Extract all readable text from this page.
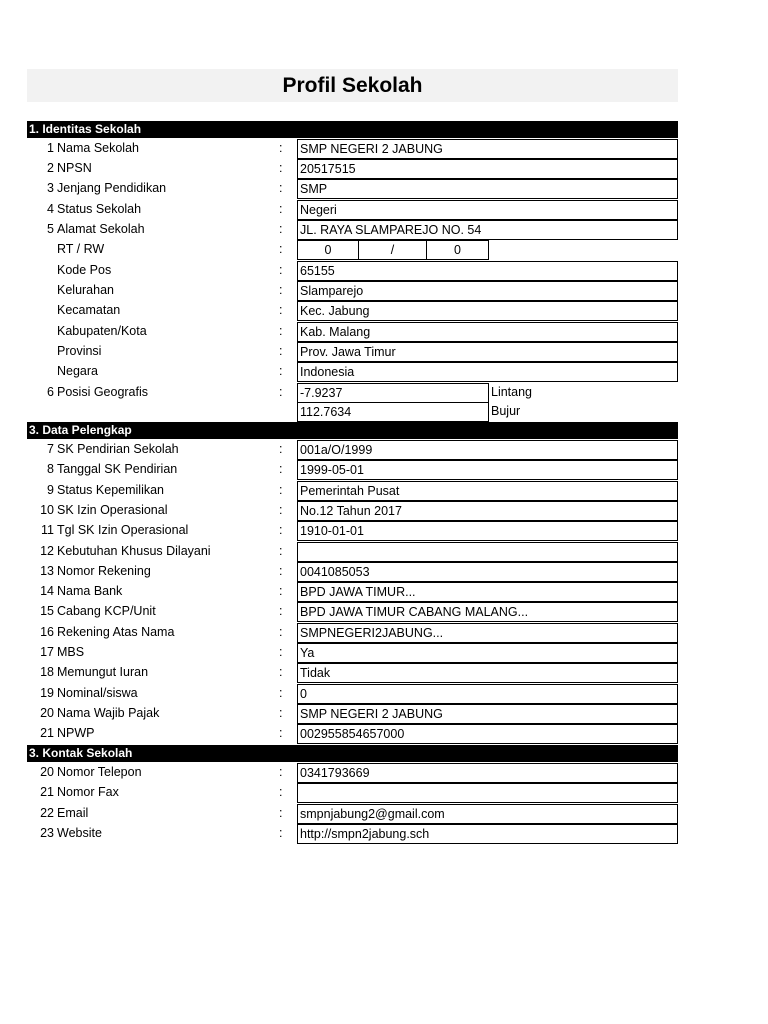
Profil Sekolah
1. Identitas Sekolah
1 Nama Sekolah	: SMP NEGERI 2 JABUNG
2 NPSN	: 20517515
3 Jenjang Pendidikan	: SMP
4 Status Sekolah	: Negeri
5 Alamat Sekolah	: JL. RAYA SLAMPAREJO NO. 54
RT / RW	:	0	/	0
Kode Pos	: 65155
Kelurahan	: Slamparejo
Kecamatan	: Kec. Jabung
Kabupaten/Kota	: Kab. Malang
Provinsi	: Prov. Jawa Timur
Negara	: Indonesia
6 Posisi Geografis	: -7.9237	Lintang
112.7634	Bujur
3. Data Pelengkap
7 SK Pendirian Sekolah	: 001a/O/1999
8 Tanggal SK Pendirian	: 1999-05-01
9 Status Kepemilikan	: Pemerintah Pusat
10 SK Izin Operasional	: No.12 Tahun 2017
11 Tgl SK Izin Operasional	: 1910-01-01
12 Kebutuhan Khusus Dilayani	:
13 Nomor Rekening	: 0041085053
14 Nama Bank	: BPD JAWA TIMUR...
15 Cabang KCP/Unit	: BPD JAWA TIMUR CABANG MALANG...
16 Rekening Atas Nama	: SMPNEGERI2JABUNG...
17 MBS	: Ya
18 Memungut Iuran	: Tidak
19 Nominal/siswa	: 0
20 Nama Wajib Pajak	: SMP NEGERI 2 JABUNG
21 NPWP	: 002955854657000
3. Kontak Sekolah
20 Nomor Telepon	: 0341793669
21 Nomor Fax	:
22 Email	: smpnjabung2@gmail.com
23 Website	: http://smpn2jabung.sch
